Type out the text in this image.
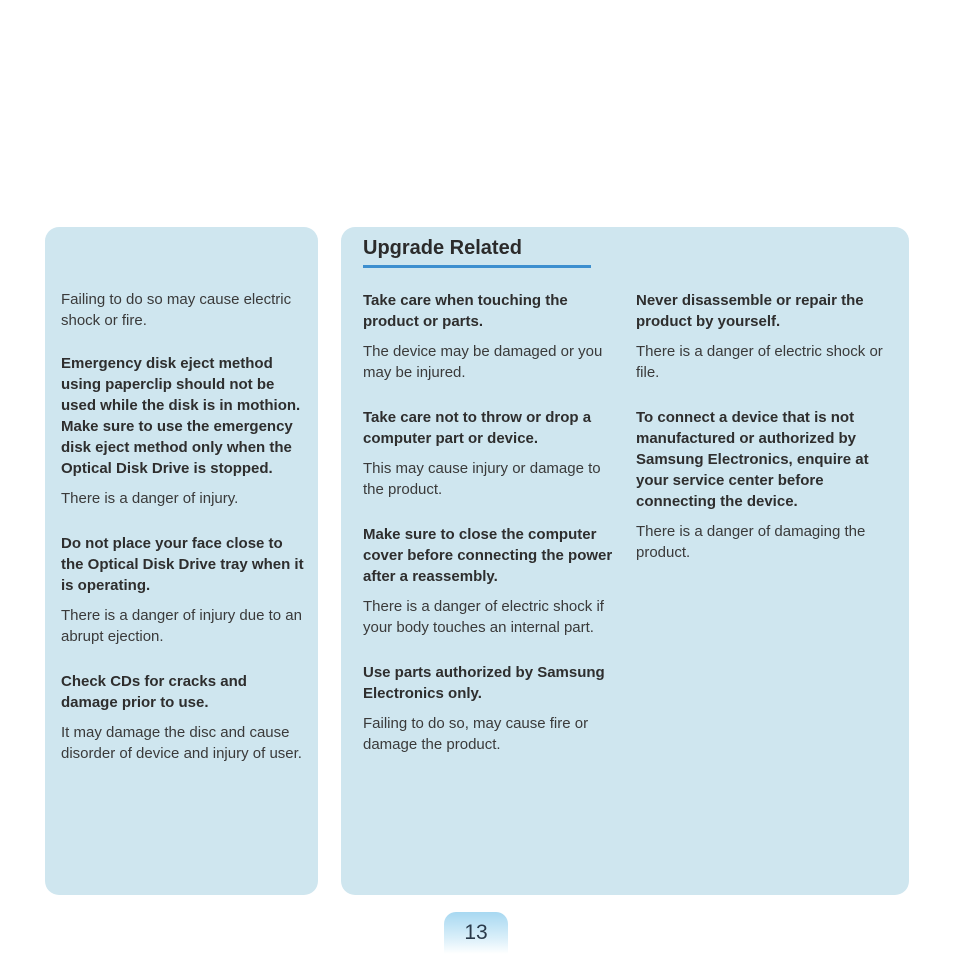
Failing to do so may cause electric shock or fire.

Emergency disk eject method using paperclip should not be used while the disk is in mothion. Make sure to use the emergency disk eject method only when the Optical Disk Drive is stopped.

There is a danger of injury.

Do not place your face close to the Optical Disk Drive tray when it is operating.

There is a danger of injury due to an abrupt ejection.

Check CDs for cracks and damage prior to use.

It may damage the disc and cause disorder of device and injury of user.

Upgrade Related

Take care when touching the product or parts.

The device may be damaged or you may be injured.

Take care not to throw or drop a computer part or device.

This may cause injury or damage to the product.

Make sure to close the computer cover before connecting the power after a reassembly.

There is a danger of electric shock if your body touches an internal part.

Use parts authorized by Samsung Electronics only.

Failing to do so, may cause fire or damage the product.

Never disassemble or repair the product by yourself.

There is a danger of electric shock or file.

To connect a device that is not manufactured or authorized by Samsung Electronics, enquire at your service center before connecting the device.

There is a danger of damaging the product.

13
